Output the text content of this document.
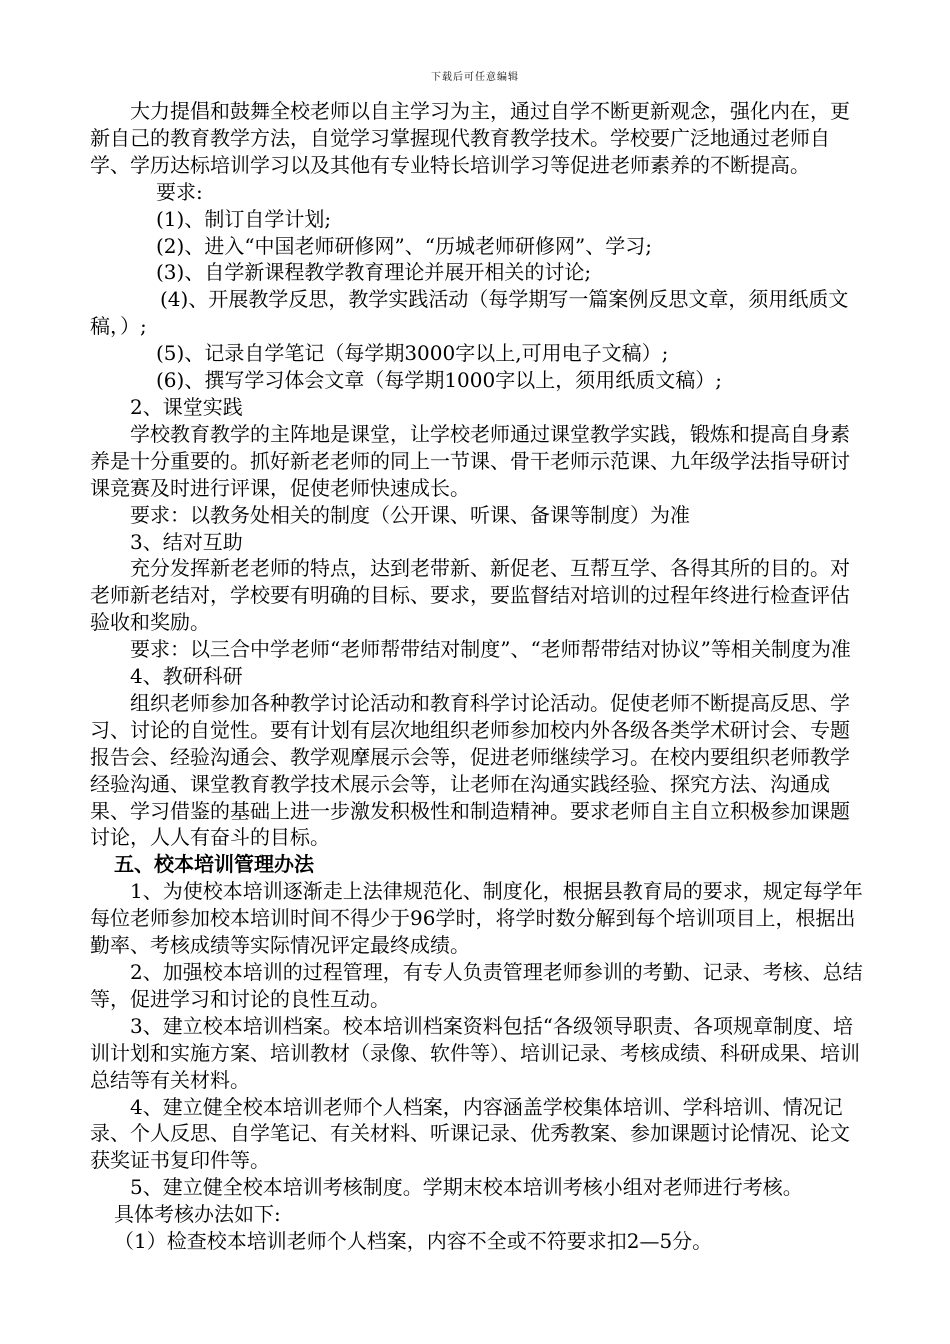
下载后可任意编辑

大力提倡和鼓舞全校老师以自主学习为主，通过自学不断更新观念，强化内在，更新自己的教育教学方法，自觉学习掌握现代教育教学技术。学校要广泛地通过老师自学、学历达标培训学习以及其他有专业特长培训学习等促进老师素养的不断提高。

要求:

(1)、制订自学计划;

(2)、进入“中国老师研修网”、“历城老师研修网”、学习;

(3)、自学新课程教学教育理论并展开相关的讨论;

(4)、开展教学反思，教学实践活动（每学期写一篇案例反思文章，须用纸质文稿，）;

(5)、记录自学笔记（每学期3000字以上,可用电子文稿）;

(6)、撰写学习体会文章（每学期1000字以上，须用纸质文稿）;

2、课堂实践

学校教育教学的主阵地是课堂，让学校老师通过课堂教学实践，锻炼和提高自身素养是十分重要的。抓好新老老师的同上一节课、骨干老师示范课、九年级学法指导研讨课竞赛及时进行评课，促使老师快速成长。

要求：以教务处相关的制度（公开课、听课、备课等制度）为准

3、结对互助

充分发挥新老老师的特点，达到老带新、新促老、互帮互学、各得其所的目的。对老师新老结对，学校要有明确的目标、要求，要监督结对培训的过程年终进行检查评估验收和奖励。

要求：以三合中学老师“老师帮带结对制度”、“老师帮带结对协议”等相关制度为准

4、教研科研

组织老师参加各种教学讨论活动和教育科学讨论活动。促使老师不断提高反思、学习、讨论的自觉性。要有计划有层次地组织老师参加校内外各级各类学术研讨会、专题报告会、经验沟通会、教学观摩展示会等，促进老师继续学习。在校内要组织老师教学经验沟通、课堂教育教学技术展示会等，让老师在沟通实践经验、探究方法、沟通成果、学习借鉴的基础上进一步激发积极性和制造精神。要求老师自主自立积极参加课题讨论，人人有奋斗的目标。

五、校本培训管理办法

1、为使校本培训逐渐走上法律规范化、制度化，根据县教育局的要求，规定每学年每位老师参加校本培训时间不得少于96学时，将学时数分解到每个培训项目上，根据出勤率、考核成绩等实际情况评定最终成绩。

2、加强校本培训的过程管理，有专人负责管理老师参训的考勤、记录、考核、总结等，促进学习和讨论的良性互动。

3、建立校本培训档案。校本培训档案资料包括“各级领导职责、各项规章制度、培训计划和实施方案、培训教材（录像、软件等）、培训记录、考核成绩、科研成果、培训总结等有关材料。

4、建立健全校本培训老师个人档案，内容涵盖学校集体培训、学科培训、情况记录、个人反思、自学笔记、有关材料、听课记录、优秀教案、参加课题讨论情况、论文获奖证书复印件等。

5、建立健全校本培训考核制度。学期末校本培训考核小组对老师进行考核。

具体考核办法如下:

（1）检查校本培训老师个人档案，内容不全或不符要求扣2—5分。
